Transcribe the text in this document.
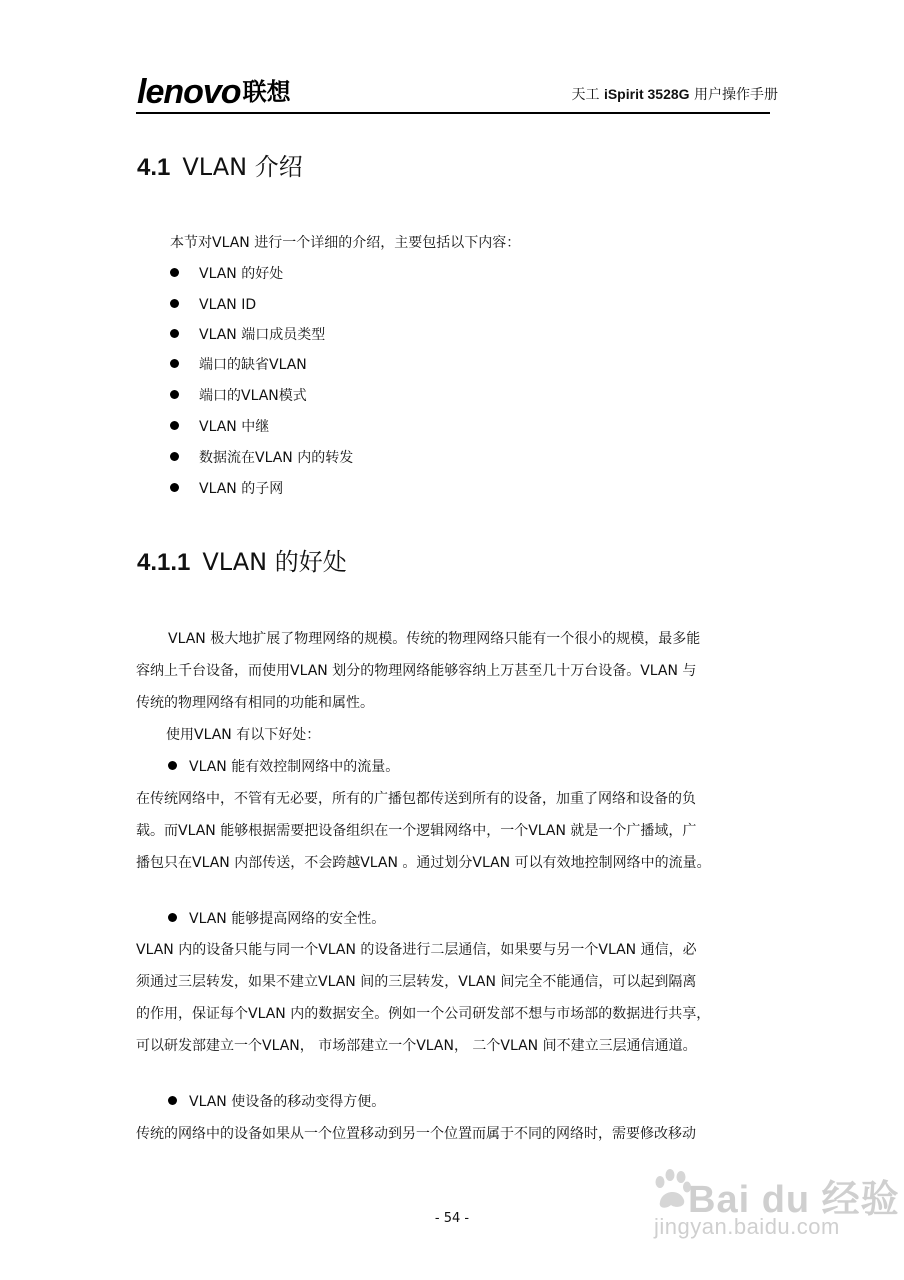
lenovo联想	天工 iSpirit 3528G 用户操作手册
4.1 VLAN 介绍
本节对VLAN 进行一个详细的介绍，主要包括以下内容：
VLAN 的好处
VLAN ID
VLAN 端口成员类型
端口的缺省VLAN
端口的VLAN模式
VLAN 中继
数据流在VLAN 内的转发
VLAN 的子网
4.1.1 VLAN 的好处
VLAN 极大地扩展了物理网络的规模。传统的物理网络只能有一个很小的规模，最多能
容纳上千台设备，而使用VLAN 划分的物理网络能够容纳上万甚至几十万台设备。VLAN 与
传统的物理网络有相同的功能和属性。
使用VLAN 有以下好处：
VLAN 能有效控制网络中的流量。
在传统网络中，不管有无必要，所有的广播包都传送到所有的设备，加重了网络和设备的负
载。而VLAN 能够根据需要把设备组织在一个逻辑网络中，一个VLAN 就是一个广播域，广
播包只在VLAN 内部传送，不会跨越VLAN 。通过划分VLAN 可以有效地控制网络中的流量。
VLAN 能够提高网络的安全性。
VLAN 内的设备只能与同一个VLAN 的设备进行二层通信，如果要与另一个VLAN 通信，必
须通过三层转发，如果不建立VLAN 间的三层转发，VLAN 间完全不能通信，可以起到隔离
的作用，保证每个VLAN 内的数据安全。例如一个公司研发部不想与市场部的数据进行共享，
可以研发部建立一个VLAN， 市场部建立一个VLAN， 二个VLAN 间不建立三层通信通道。
VLAN 使设备的移动变得方便。
传统的网络中的设备如果从一个位置移动到另一个位置而属于不同的网络时，需要修改移动
- 54 -	Bai du 经验
jingyan.baidu.com
